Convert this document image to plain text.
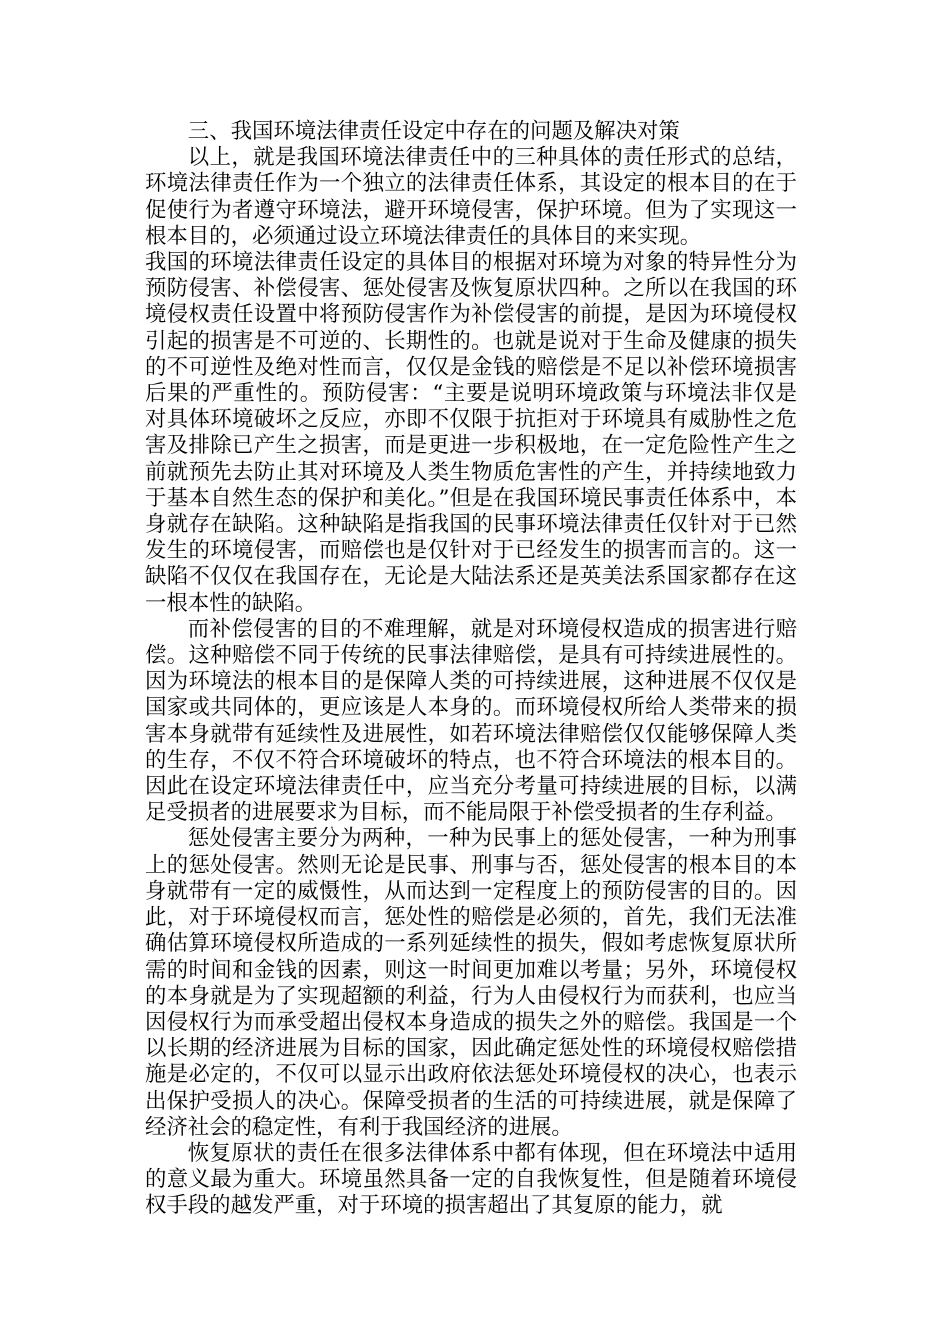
三、我国环境法律责任设定中存在的问题及解决对策

以上，就是我国环境法律责任中的三种具体的责任形式的总结，环境法律责任作为一个独立的法律责任体系，其设定的根本目的在于促使行为者遵守环境法，避开环境侵害，保护环境。但为了实现这一根本目的，必须通过设立环境法律责任的具体目的来实现。

我国的环境法律责任设定的具体目的根据对环境为对象的特异性分为预防侵害、补偿侵害、惩处侵害及恢复原状四种。之所以在我国的环境侵权责任设置中将预防侵害作为补偿侵害的前提，是因为环境侵权引起的损害是不可逆的、长期性的。也就是说对于生命及健康的损失的不可逆性及绝对性而言，仅仅是金钱的赔偿是不足以补偿环境损害后果的严重性的。预防侵害：“主要是说明环境政策与环境法非仅是对具体环境破坏之反应，亦即不仅限于抗拒对于环境具有威胁性之危害及排除已产生之损害，而是更进一步积极地，在一定危险性产生之前就预先去防止其对环境及人类生物质危害性的产生，并持续地致力于基本自然生态的保护和美化。”但是在我国环境民事责任体系中，本身就存在缺陷。这种缺陷是指我国的民事环境法律责任仅针对于已然发生的环境侵害，而赔偿也是仅针对于已经发生的损害而言的。这一缺陷不仅仅在我国存在，无论是大陆法系还是英美法系国家都存在这一根本性的缺陷。

而补偿侵害的目的不难理解，就是对环境侵权造成的损害进行赔偿。这种赔偿不同于传统的民事法律赔偿，是具有可持续进展性的。因为环境法的根本目的是保障人类的可持续进展，这种进展不仅仅是国家或共同体的，更应该是人本身的。而环境侵权所给人类带来的损害本身就带有延续性及进展性，如若环境法律赔偿仅仅能够保障人类的生存，不仅不符合环境破坏的特点，也不符合环境法的根本目的。因此在设定环境法律责任中，应当充分考量可持续进展的目标，以满足受损者的进展要求为目标，而不能局限于补偿受损者的生存利益。

惩处侵害主要分为两种，一种为民事上的惩处侵害，一种为刑事上的惩处侵害。然则无论是民事、刑事与否，惩处侵害的根本目的本身就带有一定的威慑性，从而达到一定程度上的预防侵害的目的。因此，对于环境侵权而言，惩处性的赔偿是必须的，首先，我们无法准确估算环境侵权所造成的一系列延续性的损失，假如考虑恢复原状所需的时间和金钱的因素，则这一时间更加难以考量；另外，环境侵权的本身就是为了实现超额的利益，行为人由侵权行为而获利，也应当因侵权行为而承受超出侵权本身造成的损失之外的赔偿。我国是一个以长期的经济进展为目标的国家，因此确定惩处性的环境侵权赔偿措施是必定的，不仅可以显示出政府依法惩处环境侵权的决心，也表示出保护受损人的决心。保障受损者的生活的可持续进展，就是保障了经济社会的稳定性，有利于我国经济的进展。

恢复原状的责任在很多法律体系中都有体现，但在环境法中适用的意义最为重大。环境虽然具备一定的自我恢复性，但是随着环境侵权手段的越发严重，对于环境的损害超出了其复原的能力，就
